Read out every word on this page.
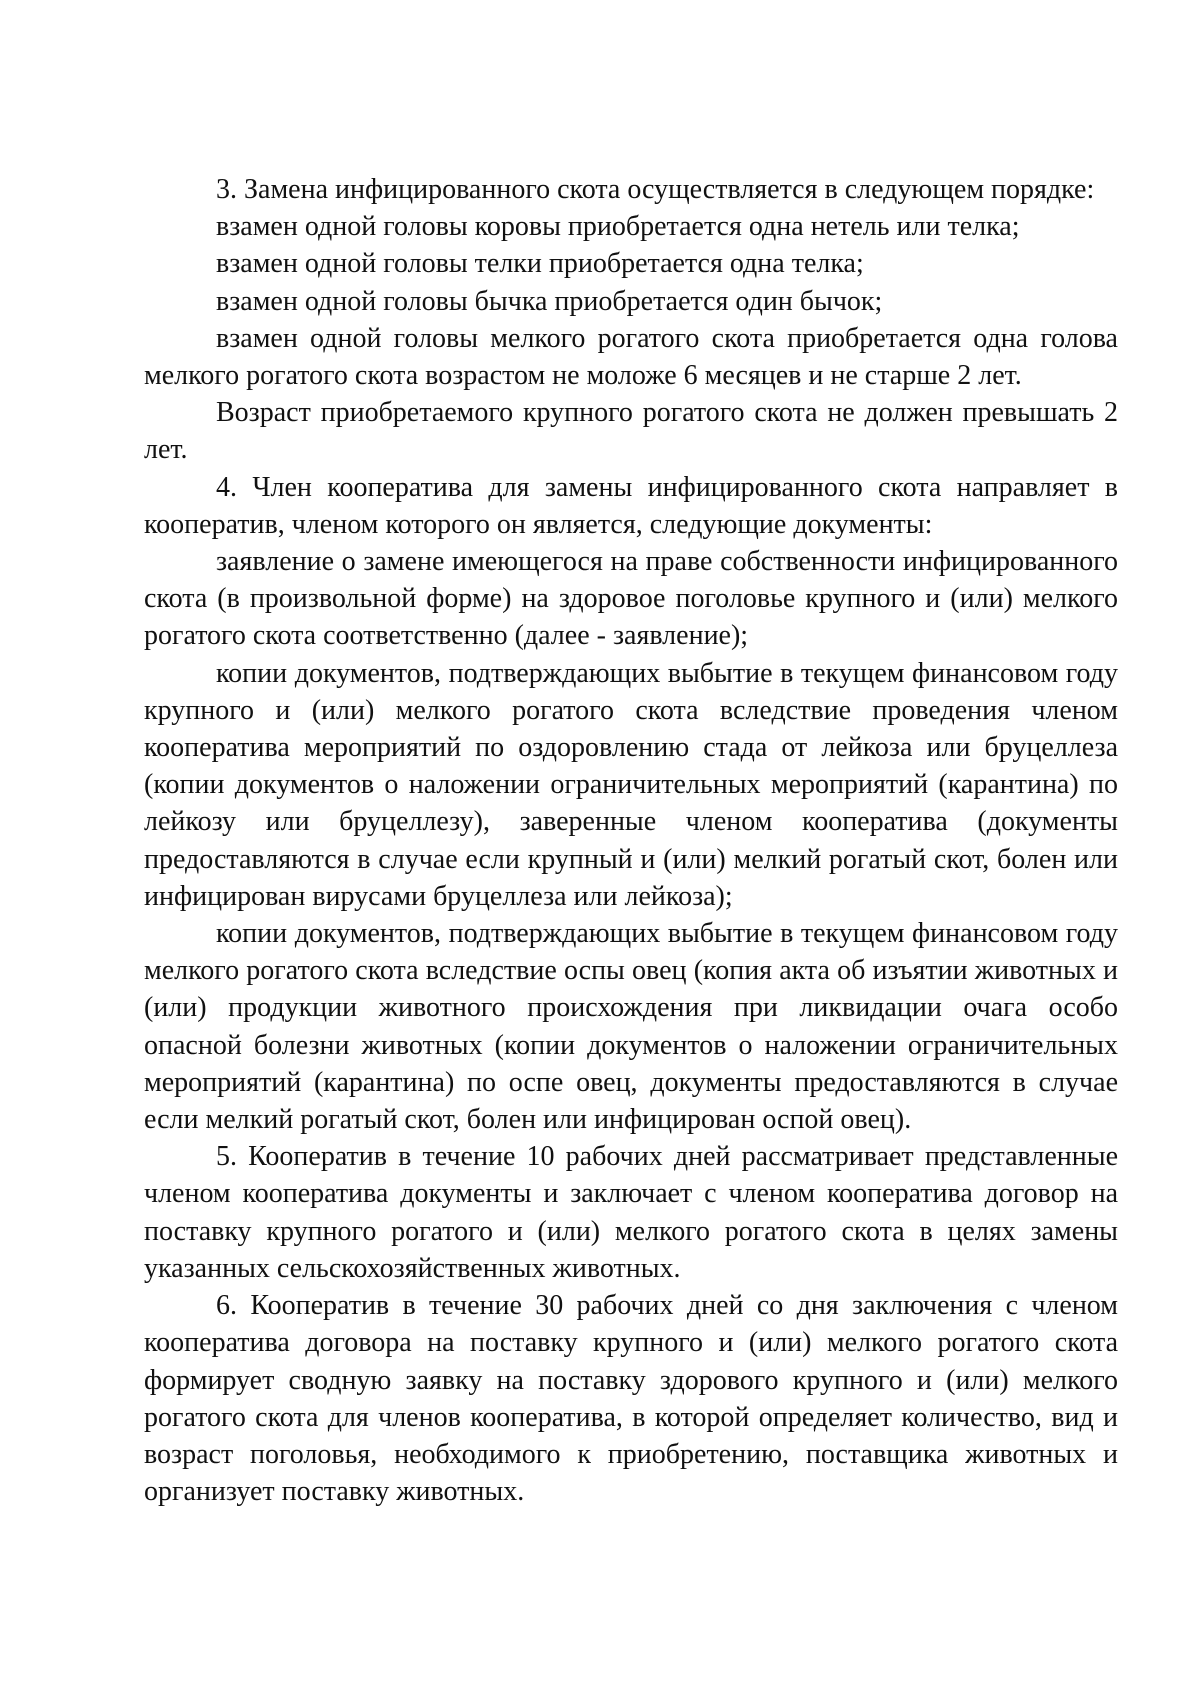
3. Замена инфицированного скота осуществляется в следующем порядке:

взамен одной головы коровы приобретается одна нетель или телка;

взамен одной головы телки приобретается одна телка;

взамен одной головы бычка приобретается один бычок;

взамен одной головы мелкого рогатого скота приобретается одна голова мелкого рогатого скота возрастом не моложе 6 месяцев и не старше 2 лет.

Возраст приобретаемого крупного рогатого скота не должен превышать 2 лет.

4. Член кооператива для замены инфицированного скота направляет в кооператив, членом которого он является, следующие документы:

заявление о замене имеющегося на праве собственности инфицированного скота (в произвольной форме) на здоровое поголовье крупного и (или) мелкого рогатого скота соответственно (далее - заявление);

копии документов, подтверждающих выбытие в текущем финансовом году крупного и (или) мелкого рогатого скота вследствие проведения членом кооператива мероприятий по оздоровлению стада от лейкоза или бруцеллеза (копии документов о наложении ограничительных мероприятий (карантина) по лейкозу или бруцеллезу), заверенные членом кооператива (документы предоставляются в случае если крупный и (или) мелкий рогатый скот, болен или инфицирован вирусами бруцеллеза или лейкоза);

копии документов, подтверждающих выбытие в текущем финансовом году мелкого рогатого скота вследствие оспы овец (копия акта об изъятии животных и (или) продукции животного происхождения при ликвидации очага особо опасной болезни животных (копии документов о наложении ограничительных мероприятий (карантина) по оспе овец, документы предоставляются в случае если мелкий рогатый скот, болен или инфицирован оспой овец).

5. Кооператив в течение 10 рабочих дней рассматривает представленные членом кооператива документы и заключает с членом кооператива договор на поставку крупного рогатого и (или) мелкого рогатого скота в целях замены указанных сельскохозяйственных животных.

6. Кооператив в течение 30 рабочих дней со дня заключения с членом кооператива договора на поставку крупного и (или) мелкого рогатого скота формирует сводную заявку на поставку здорового крупного и (или) мелкого рогатого скота для членов кооператива, в которой определяет количество, вид и возраст поголовья, необходимого к приобретению, поставщика животных и организует поставку животных.
